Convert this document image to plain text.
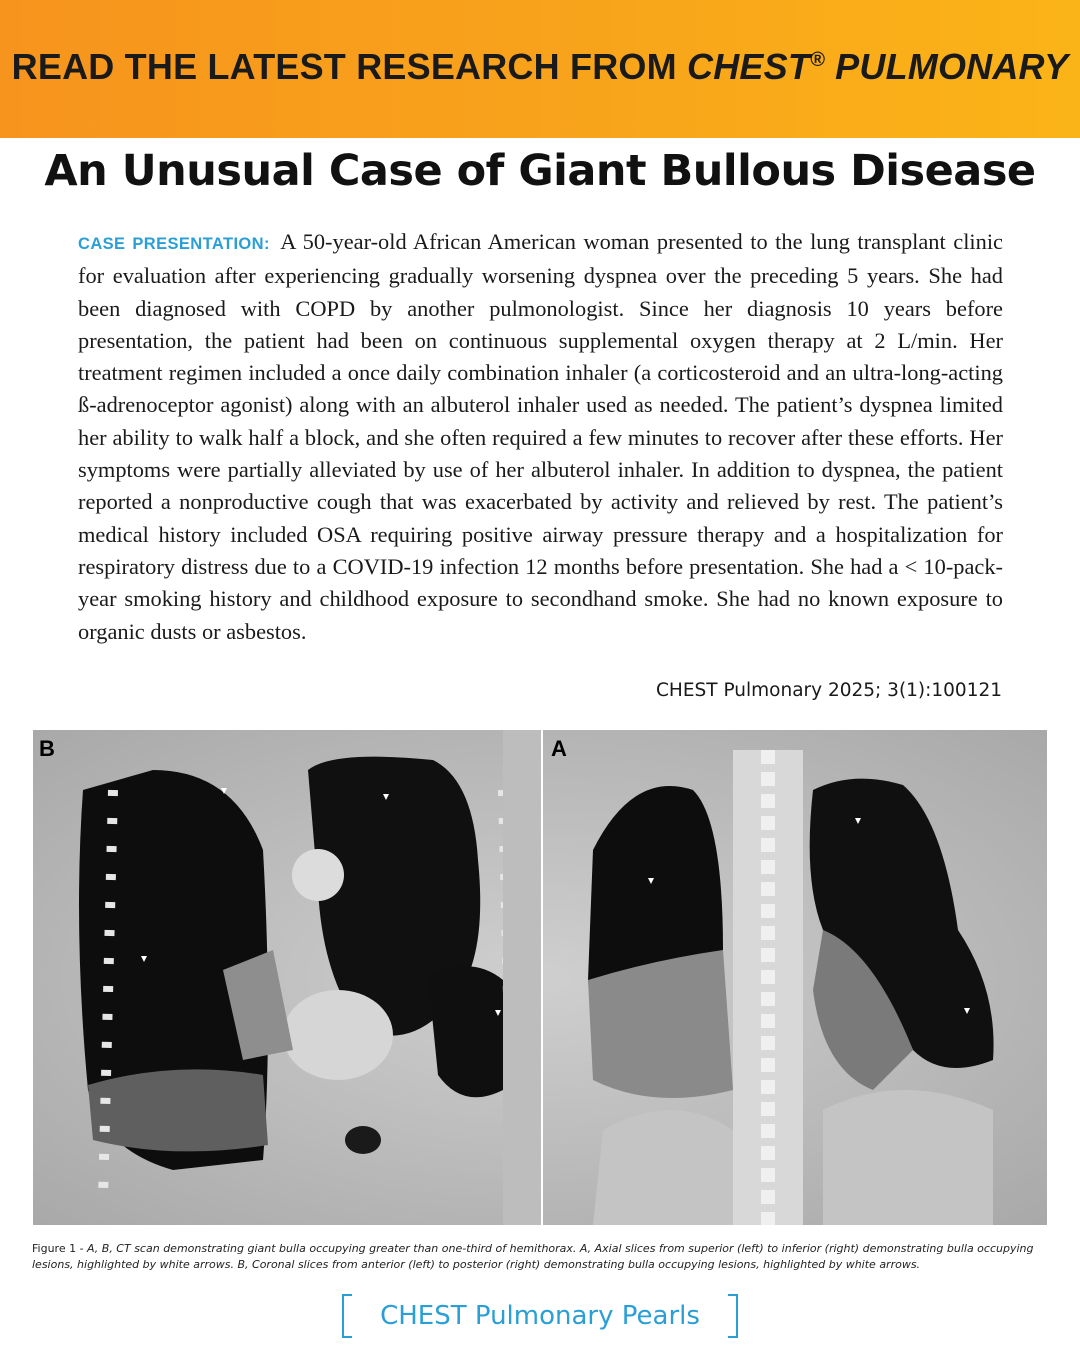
READ THE LATEST RESEARCH FROM CHEST® PULMONARY
An Unusual Case of Giant Bullous Disease
CASE PRESENTATION: A 50-year-old African American woman presented to the lung transplant clinic for evaluation after experiencing gradually worsening dyspnea over the preceding 5 years. She had been diagnosed with COPD by another pulmonologist. Since her diagnosis 10 years before presentation, the patient had been on continuous supplemental oxygen therapy at 2 L/min. Her treatment regimen included a once daily combination inhaler (a corticosteroid and an ultra-long-acting ß-adrenoceptor agonist) along with an albuterol inhaler used as needed. The patient’s dyspnea limited her ability to walk half a block, and she often required a few minutes to recover after these efforts. Her symptoms were partially alleviated by use of her albuterol inhaler. In addition to dyspnea, the patient reported a nonproductive cough that was exacerbated by activity and relieved by rest. The patient’s medical history included OSA requiring positive airway pressure therapy and a hospitalization for respiratory distress due to a COVID-19 infection 12 months before presentation. She had a < 10-pack-year smoking history and childhood exposure to secondhand smoke. She had no known exposure to organic dusts or asbestos.
CHEST Pulmonary 2025; 3(1):100121
B	A
Figure 1 - A, B, CT scan demonstrating giant bulla occupying greater than one-third of hemithorax. A, Axial slices from superior (left) to inferior (right) demonstrating bulla occupying lesions, highlighted by white arrows. B, Coronal slices from anterior (left) to posterior (right) demonstrating bulla occupying lesions, highlighted by white arrows.
CHEST Pulmonary Pearls
